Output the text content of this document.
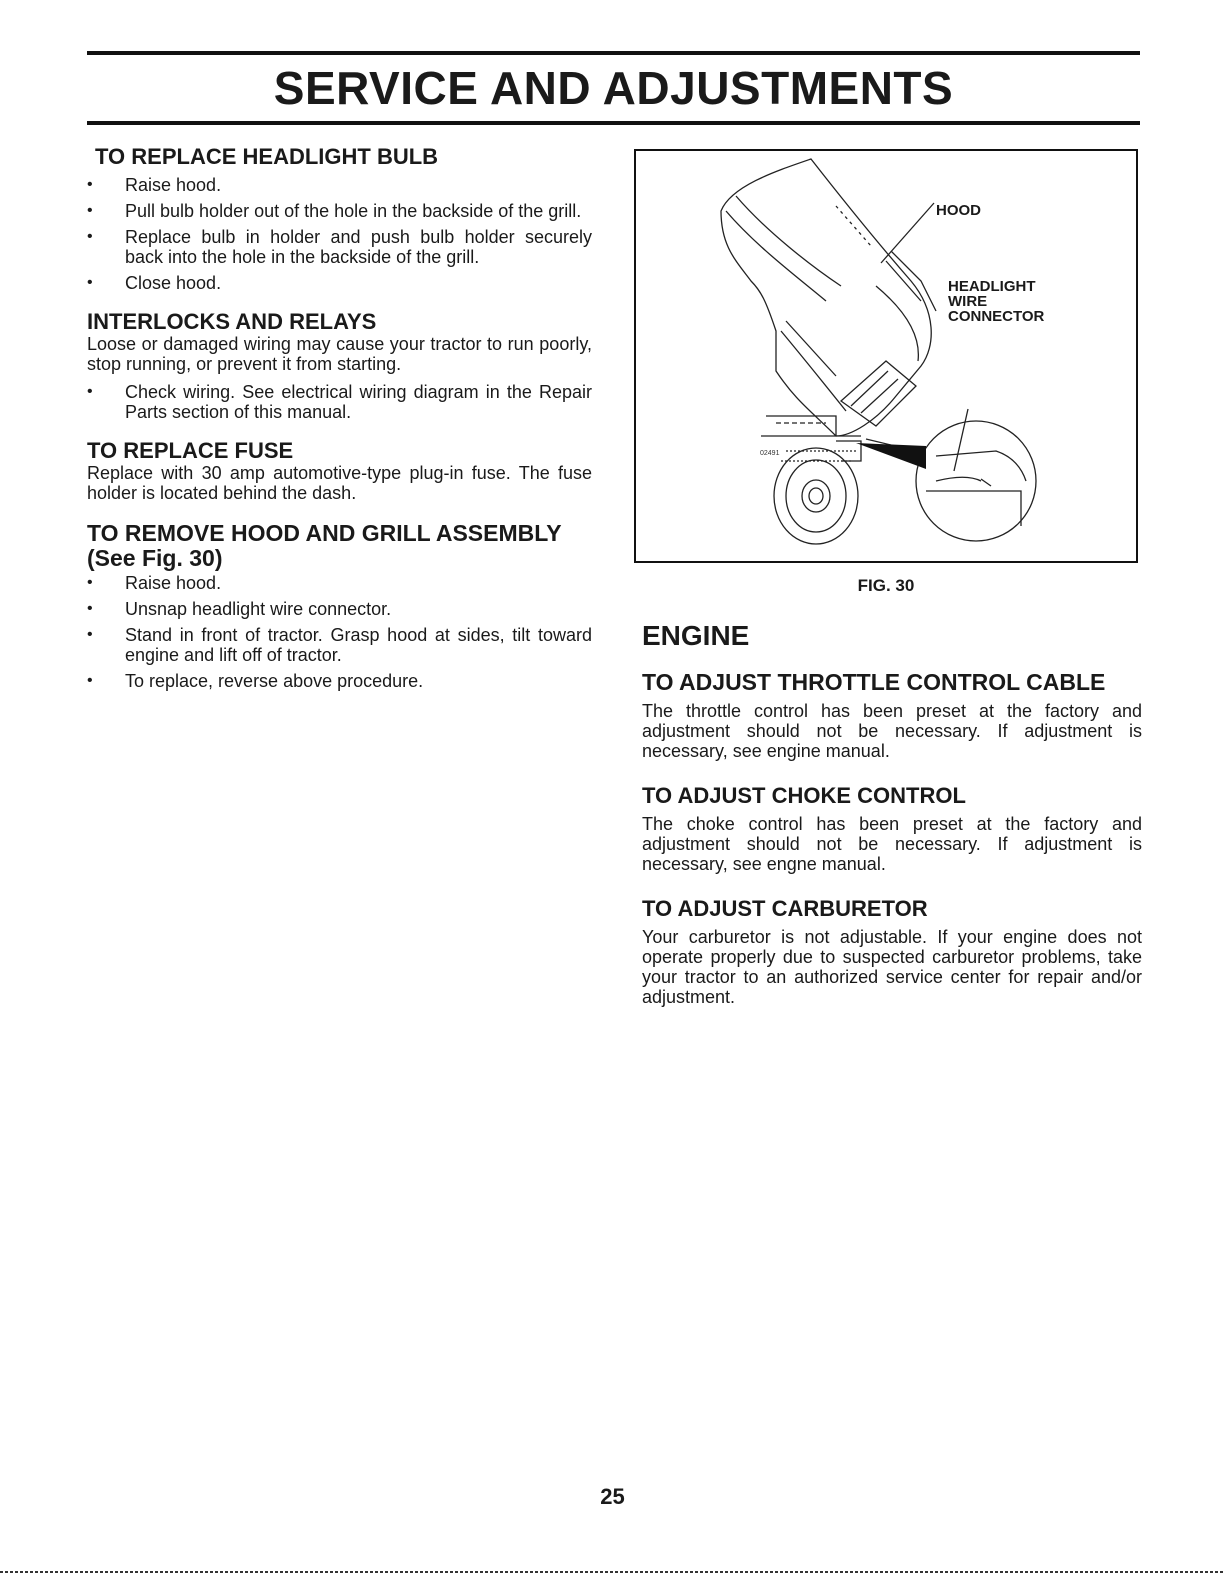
SERVICE AND ADJUSTMENTS
TO REPLACE HEADLIGHT BULB
• Raise hood.
• Pull bulb holder out of the hole in the backside of the grill.
• Replace bulb in holder and push bulb holder securely back into the hole in the backside of the grill.
• Close hood.
INTERLOCKS AND RELAYS

Loose or damaged wiring may cause your tractor to run poorly, stop running, or prevent it from starting.

• Check wiring. See electrical wiring diagram in the Repair Parts section of this manual.
TO REPLACE FUSE

Replace with 30 amp automotive-type plug-in fuse. The fuse holder is located behind the dash.

TO REMOVE HOOD AND GRILL ASSEMBLY
(See Fig. 30)
• Raise hood.
• Unsnap headlight wire connector.
• Stand in front of tractor. Grasp hood at sides, tilt toward engine and lift off of tractor.
• To replace, reverse above procedure.
02491
HOOD
HEADLIGHT
WIRE
CONNECTOR
FIG. 30
ENGINE
TO ADJUST THROTTLE CONTROL CABLE

The throttle control has been preset at the factory and adjustment should not be necessary. If adjustment is necessary, see engine manual.

TO ADJUST CHOKE CONTROL

The choke control has been preset at the factory and adjustment should not be necessary. If adjustment is necessary, see engne manual.

TO ADJUST CARBURETOR

Your carburetor is not adjustable. If your engine does not operate properly due to suspected carburetor problems, take your tractor to an authorized service center for repair and/or adjustment.

25
